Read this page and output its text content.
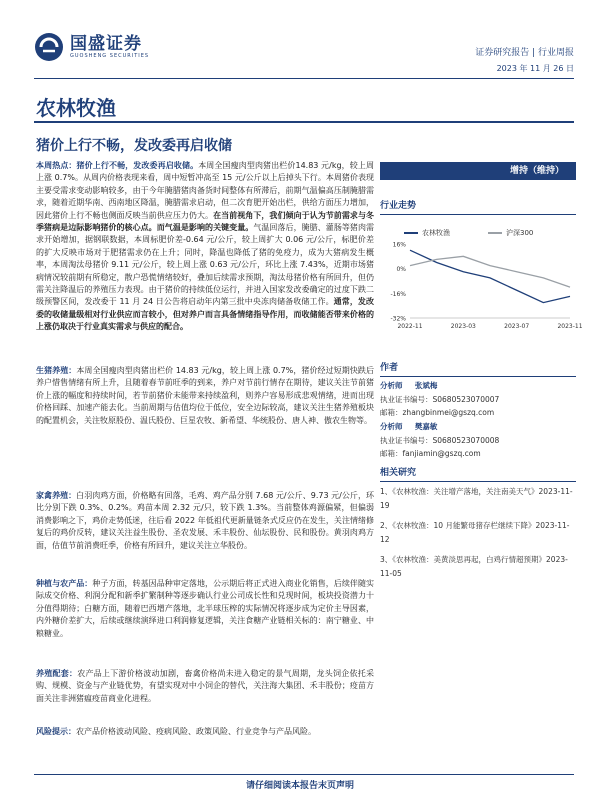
国盛证券
GUOSHENG SECURITIES	证券研究报告 | 行业周报
2023 年 11 月 26 日
农林牧渔
猪价上行不畅，发改委再启收储
本周热点：猪价上行不畅，发改委再启收储。本周全国瘦肉型肉猪出栏价14.83 元/kg，较上周上涨 0.7%。从周内价格表现来看，周中短暂冲高至 15 元/公斤以上后掉头下行。本周猪价表现主要受需求变动影响较多，由于今年腌腊猪肉备货时间整体有所滞后，前期气温偏高压制腌腊需求，随着近期华南、西南地区降温，腌腊需求启动，但二次育肥开始出栏，供给方面压力增加，因此猪价上行不畅也侧面反映当前供应压力仍大。在当前视角下，我们倾向于认为节前需求与冬季猪病是边际影响猪价的核心点。而气温是影响的关键变量。气温回落后，腌腊、灌肠等猪肉需求开始增加，据钢联数据，本周标肥价差-0.64 元/公斤，较上周扩大 0.06 元/公斤，标肥价差的扩大反映市场对于肥猪需求仍在上升；同时，降温也降低了猪的免疫力，成为大猪病发生概率，本周淘汰母猪价 9.11 元/公斤，较上周上涨 0.63 元/公斤，环比上涨 7.43%，近期市场猪病情况较前期有所稳定，散户恐慌情绪较好，叠加后续需求预期，淘汰母猪价格有所回升，但仍需关注降温后的养殖压力表现。由于猪价的持续低位运行，并进入国家发改委确定的过度下跌二级预警区间，发改委于 11 月 24 日公告将启动年内第三批中央冻肉储备收储工作。通常，发改委的收储量级相对行业供应而言较小，但对养户而言具备情绪指导作用，而收储能否带来价格的上涨仍取决于行业真实需求与供应的配合。
生猪养殖：本周全国瘦肉型肉猪出栏价 14.83 元/kg，较上周上涨 0.7%，猪价经过短期快跌后养户惜售情绪有所上升，且随着春节前旺季的到来，养户对节前行情存在期待，建议关注节前猪价上涨的幅度和持续时间，若节前猪价未能带来持续盈利，则养户容易形成悲观情绪，进而出现价格回踩、加速产能去化。当前周期与估值均位于低位，安全边际较高，建议关注生猪养殖板块的配置机会，关注牧原股份、温氏股份、巨星农牧、新希望、华统股份、唐人神、傲农生物等。
家禽养殖：白羽肉鸡方面，价格略有回落，毛鸡、鸡产品分别 7.68 元/公斤、9.73 元/公斤，环比分别下跌 0.3%、0.2%。鸡苗本周 2.32 元/只，较下跌 1.3%。当前整体鸡源偏紧，但偏弱消费影响之下，鸡价走势低迷，往后看 2022 年低祖代更新量链条式反应仍在发生，关注情绪修复后的鸡价反转，建议关注益生股份、圣农发展、禾丰股份、仙坛股份、民和股份。黄羽肉鸡方面，估值节前消费旺季，价格有所回升，建议关注立华股份。
种植与农产品：种子方面，转基因品种审定落地，公示期后将正式进入商业化销售，后续伴随实际成交价格、利润分配和新季扩繁制种等逐步确认行业公司成长性和兑现时间，板块投资潜力十分值得期待；白糖方面，随着巴西增产落地，北半球压榨的实际情况将逐步成为定价主导因素，内外糖价差扩大，后续或继续演绎进口利润修复逻辑，关注食糖产业链相关标的：南宁糖业、中粮糖业。
养殖配套：农产品上下游价格波动加剧，畜禽价格尚未进入稳定的景气周期，龙头饲企依托采购、规模、资金与产业链优势，有望实现对中小饲企的替代，关注海大集团、禾丰股份；疫苗方面关注非洲猪瘟疫苗商业化进程。
风险提示：农产品价格波动风险、疫病风险、政策风险、行业竞争与产品风险。
增持（维持）
行业走势
农林牧渔	沪深300
16%
0%
-16%
-32%
2022-11	2023-03	2023-07	2023-11
作者
分析师 张斌梅
执业证书编号：S0680523070007
邮箱：zhangbinmei@gszq.com
分析师 樊嘉敏
执业证书编号：S0680523070008
邮箱：fanjiamin@gszq.com
相关研究
1、《农林牧渔：关注增产落地，关注南美天气》2023-11-19
2、《农林牧渔：10 月能繁母猪存栏继续下降》2023-11-12
3、《农林牧渔：美黄淡思再起，白鸡行情超预期》2023-11-05
请仔细阅读本报告末页声明
